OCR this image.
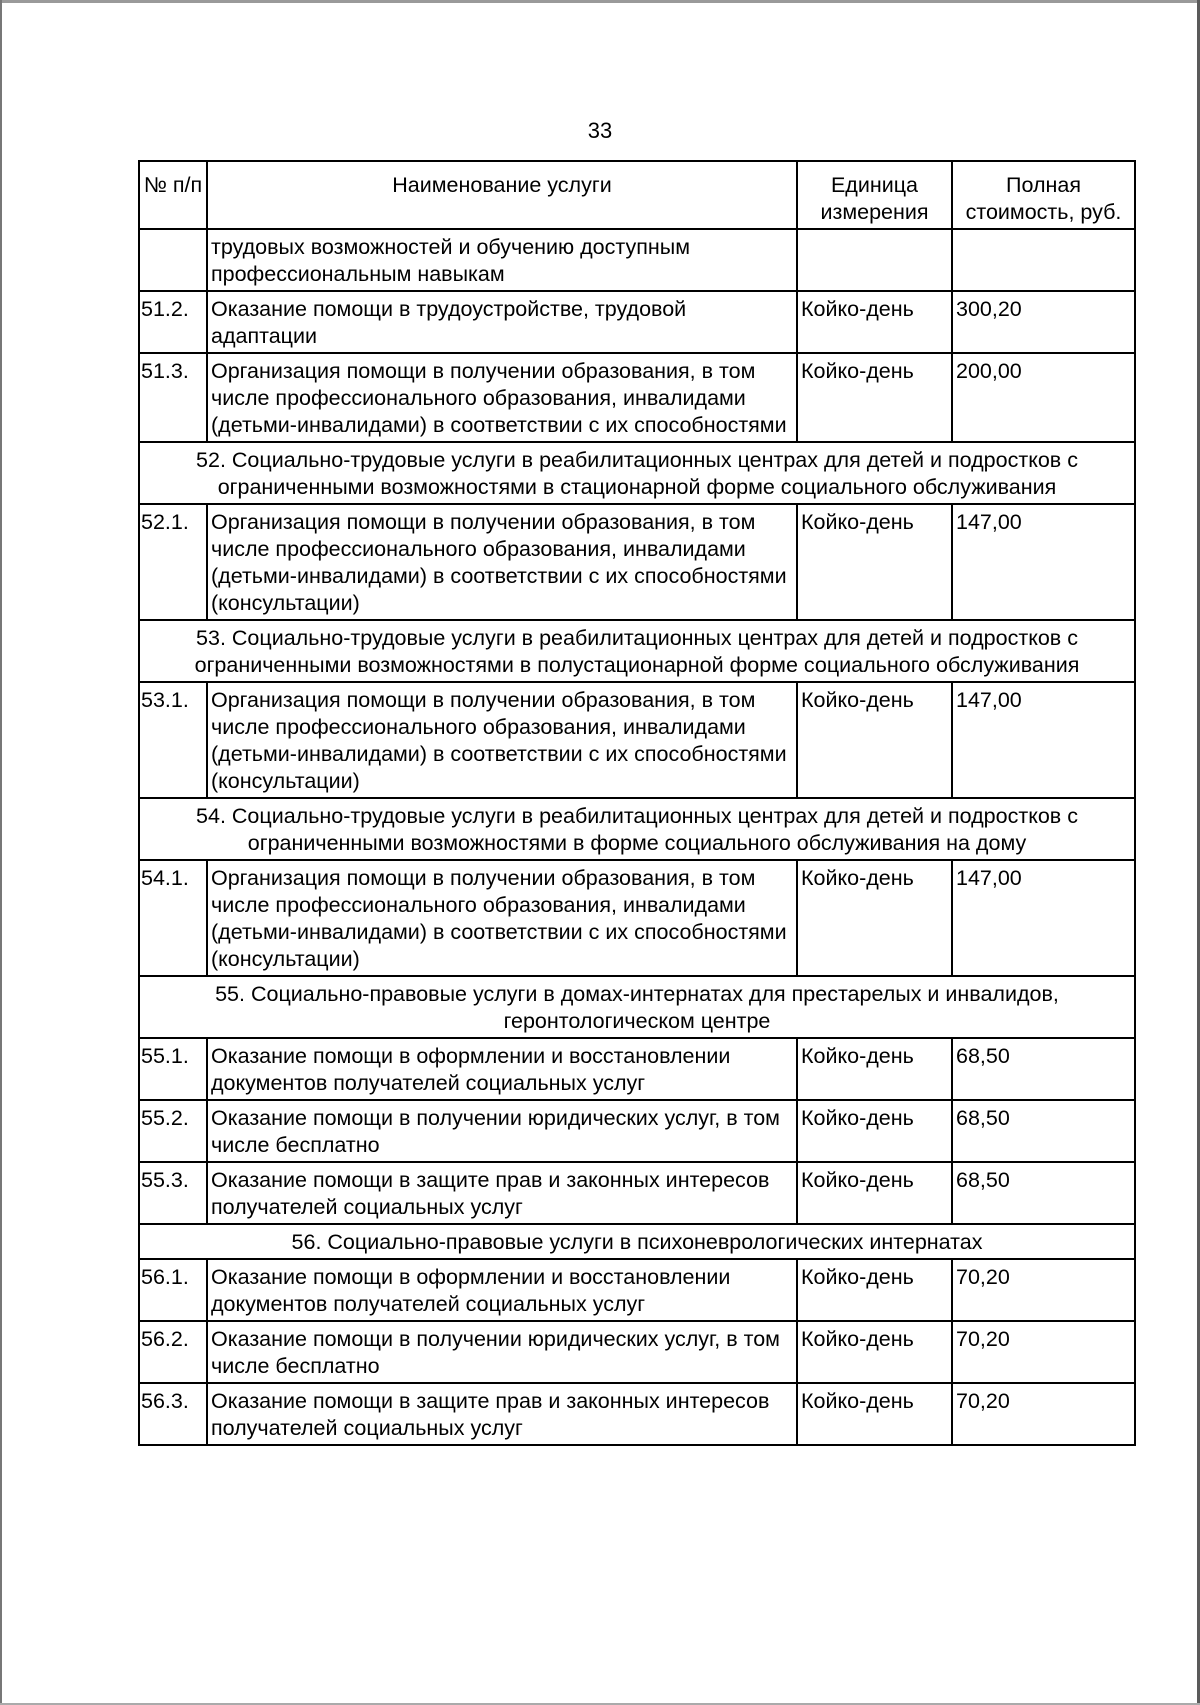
33
№ п/п	Наименование услуги	Единица измерения	Полная стоимость, руб.
	трудовых возможностей и обучению доступным профессиональным навыкам		
51.2.	Оказание помощи в трудоустройстве, трудовой адаптации	Койко-день	300,20
51.3.	Организация помощи в получении образования, в том числе профессионального образования, инвалидами (детьми-инвалидами) в соответствии с их способностями	Койко-день	200,00
52. Социально-трудовые услуги в реабилитационных центрах для детей и подростков с ограниченными возможностями в стационарной форме социального обслуживания			
52.1.	Организация помощи в получении образования, в том числе профессионального образования, инвалидами (детьми-инвалидами) в соответствии с их способностями (консультации)	Койко-день	147,00
53. Социально-трудовые услуги в реабилитационных центрах для детей и подростков с ограниченными возможностями в полустационарной форме социального обслуживания			
53.1.	Организация помощи в получении образования, в том числе профессионального образования, инвалидами (детьми-инвалидами) в соответствии с их способностями (консультации)	Койко-день	147,00
54. Социально-трудовые услуги в реабилитационных центрах для детей и подростков с ограниченными возможностями в форме социального обслуживания на дому			
54.1.	Организация помощи в получении образования, в том числе профессионального образования, инвалидами (детьми-инвалидами) в соответствии с их способностями (консультации)	Койко-день	147,00
55. Социально-правовые услуги в домах-интернатах для престарелых и инвалидов, геронтологическом центре			
55.1.	Оказание помощи в оформлении и восстановлении документов получателей социальных услуг	Койко-день	68,50
55.2.	Оказание помощи в получении юридических услуг, в том числе бесплатно	Койко-день	68,50
55.3.	Оказание помощи в защите прав и законных интересов получателей социальных услуг	Койко-день	68,50
56. Социально-правовые услуги в психоневрологических интернатах			
56.1.	Оказание помощи в оформлении и восстановлении документов получателей социальных услуг	Койко-день	70,20
56.2.	Оказание помощи в получении юридических услуг, в том числе бесплатно	Койко-день	70,20
56.3.	Оказание помощи в защите прав и законных интересов получателей социальных услуг	Койко-день	70,20
